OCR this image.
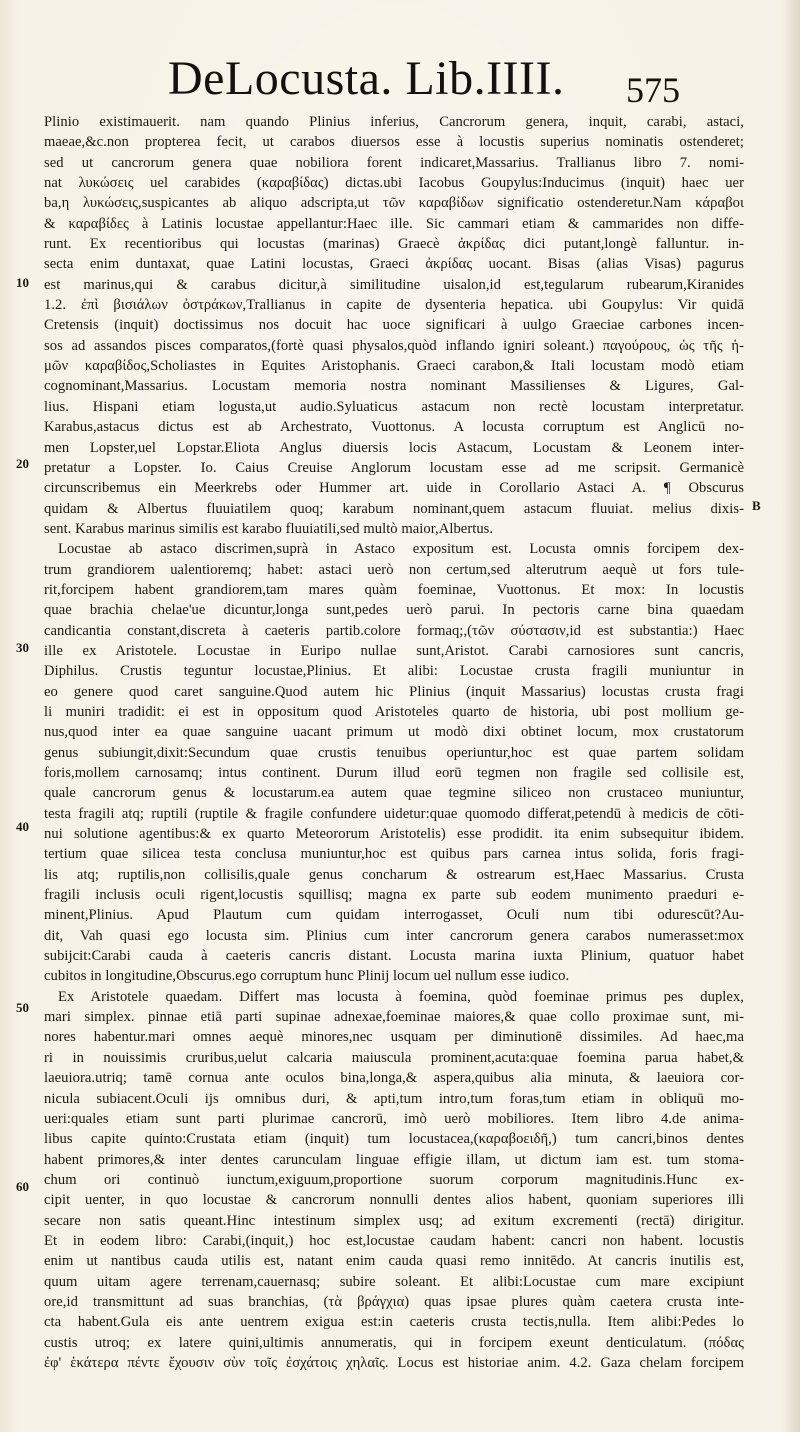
DeLocusta. Lib.IIII. 575
Plinio existimauerit. nam quando Plinius inferius, Cancrorum genera, inquit, carabi, astaci,
maeae,&c.non propterea fecit, ut carabos diuersos esse à locustis superius nominatis ostenderet;
sed ut cancrorum genera quae nobiliora forent indicaret,Massarius. Trallianus libro 7. nomi-
nat λυκώσεις uel carabides (καραβίδας) dictas.ubi Iacobus Goupylus:Inducimus (inquit) haec uer
ba,η λυκώσεις,suspicantes ab aliquo adscripta,ut τῶν καραβίδων significatio ostenderetur.Nam κάραβοι
& καραβίδες à Latinis locustae appellantur:Haec ille. Sic cammari etiam & cammarides non diffe-
runt. Ex recentioribus qui locustas (marinas) Graecè ἀκρίδας dici putant,longè falluntur. in-
secta enim duntaxat, quae Latini locustas, Graeci ἀκρίδας uocant. Bisas (alias Visas) pagurus
est marinus,qui & carabus dicitur,à similitudine uisalon,id est,tegularum rubearum,Kiranides
1.2. ἐπὶ βισιάλων ὀστράκων,Trallianus in capite de dysenteria hepatica. ubi Goupylus: Vir quidā
Cretensis (inquit) doctissimus nos docuit hac uoce significari à uulgo Graeciae carbones incen-
sos ad assandos pisces comparatos,(fortè quasi physalos,quòd inflando igniri soleant.) παγούρους, ὡς τῆς ἡ-
μῶν καραβίδος,Scholiastes in Equites Aristophanis. Graeci carabon,& Itali locustam modò etiam
cognominant,Massarius. Locustam memoria nostra nominant Massilienses & Ligures, Gal-
lius. Hispani etiam logusta,ut audio.Syluaticus astacum non rectè locustam interpretatur.
Karabus,astacus dictus est ab Archestrato, Vuottonus. A locusta corruptum est Anglicū no-
men Lopster,uel Lopstar.Eliota Anglus diuersis locis Astacum, Locustam & Leonem inter-
pretatur a Lopster. Io. Caius Creuise Anglorum locustam esse ad me scripsit. Germanicè
circunscribemus ein Meerkrebs oder Hummer art. uide in Corollario Astaci A. ¶ Obscurus
quidam & Albertus fluuiatilem quoq; karabum nominant,quem astacum fluuiat. melius dixis-
sent. Karabus marinus similis est karabo fluuiatili,sed multò maior,Albertus.
Locustae ab astaco discrimen,suprà in Astaco expositum est. Locusta omnis forcipem dex-
trum grandiorem ualentioremq; habet: astaci uerò non certum,sed alterutrum aequè ut fors tule-
rit,forcipem habent grandiorem,tam mares quàm foeminae, Vuottonus. Et mox: In locustis
quae brachia chelae'ue dicuntur,longa sunt,pedes uerò parui. In pectoris carne bina quaedam
candicantia constant,discreta à caeteris partib.colore formaq;,(τῶν σύστασιν,id est substantia:) Haec
ille ex Aristotele. Locustae in Euripo nullae sunt,Aristot. Carabi carnosiores sunt cancris,
Diphilus. Crustis teguntur locustae,Plinius. Et alibi: Locustae crusta fragili muniuntur in
eo genere quod caret sanguine.Quod autem hic Plinius (inquit Massarius) locustas crusta fragi
li muniri tradidit: ei est in oppositum quod Aristoteles quarto de historia, ubi post mollium ge-
nus,quod inter ea quae sanguine uacant primum ut modò dixi obtinet locum, mox crustatorum
genus subiungit,dixit:Secundum quae crustis tenuibus operiuntur,hoc est quae partem solidam
foris,mollem carnosamq; intus continent. Durum illud eorū tegmen non fragile sed collisile est,
quale cancrorum genus & locustarum.ea autem quae tegmine siliceo non crustaceo muniuntur,
testa fragili atq; ruptili (ruptile & fragile confundere uidetur:quae quomodo differat,petendū à medicis de cōti-
nui solutione agentibus:& ex quarto Meteororum Aristotelis) esse prodidit. ita enim subsequitur ibidem.
tertium quae silicea testa conclusa muniuntur,hoc est quibus pars carnea intus solida, foris fragi-
lis atq; ruptilis,non collisilis,quale genus concharum & ostrearum est,Haec Massarius. Crusta
fragili inclusis oculi rigent,locustis squillisq; magna ex parte sub eodem munimento praeduri e-
minent,Plinius. Apud Plautum cum quidam interrogasset, Oculi num tibi odurescūt?Au-
dit, Vah quasi ego locusta sim. Plinius cum inter cancrorum genera carabos numerasset:mox
subijcit:Carabi cauda à caeteris cancris distant. Locusta marina iuxta Plinium, quatuor habet
cubitos in longitudine,Obscurus.ego corruptum hunc Plinij locum uel nullum esse iudico.
Ex Aristotele quaedam. Differt mas locusta à foemina, quòd foeminae primus pes duplex,
mari simplex. pinnae etiā parti supinae adnexae,foeminae maiores,& quae collo proximae sunt, mi-
nores habentur.mari omnes aequè minores,nec usquam per diminutionē dissimiles. Ad haec,ma
ri in nouissimis cruribus,uelut calcaria maiuscula prominent,acuta:quae foemina parua habet,&
laeuiora.utriq; tamē cornua ante oculos bina,longa,& aspera,quibus alia minuta, & laeuiora cor-
nicula subiacent.Oculi ijs omnibus duri, & apti,tum intro,tum foras,tum etiam in obliquū mo-
ueri:quales etiam sunt parti plurimae cancrorū, imò uerò mobiliores. Item libro 4.de anima-
libus capite quinto:Crustata etiam (inquit) tum locustacea,(καραβοειδῆ,) tum cancri,binos dentes
habent primores,& inter dentes carunculam linguae effigie illam, ut dictum iam est. tum stoma-
chum ori continuò iunctum,exiguum,proportione suorum corporum magnitudinis.Hunc ex-
cipit uenter, in quo locustae & cancrorum nonnulli dentes alios habent, quoniam superiores illi
secare non satis queant.Hinc intestinum simplex usq; ad exitum excrementi (rectā) dirigitur.
Et in eodem libro: Carabi,(inquit,) hoc est,locustae caudam habent: cancri non habent. locustis
enim ut nantibus cauda utilis est, natant enim cauda quasi remo innitēdo. At cancris inutilis est,
quum uitam agere terrenam,cauernasq; subire soleant. Et alibi:Locustae cum mare excipiunt
ore,id transmittunt ad suas branchias, (τὰ βράγχια) quas ipsae plures quàm caetera crusta inte-
cta habent.Gula eis ante uentrem exigua est:in caeteris crusta tectis,nulla. Item alibi:Pedes lo
custis utroq; ex latere quini,ultimis annumeratis, qui in forcipem exeunt denticulatum. (πόδας
ἐφ' ἑκάτερα πέντε ἔχουσιν σὺν τοῖς ἐσχάτοις χηλαῖς. Locus est historiae anim. 4.2. Gaza chelam forcipem
10
20
30
40
50
60
B
